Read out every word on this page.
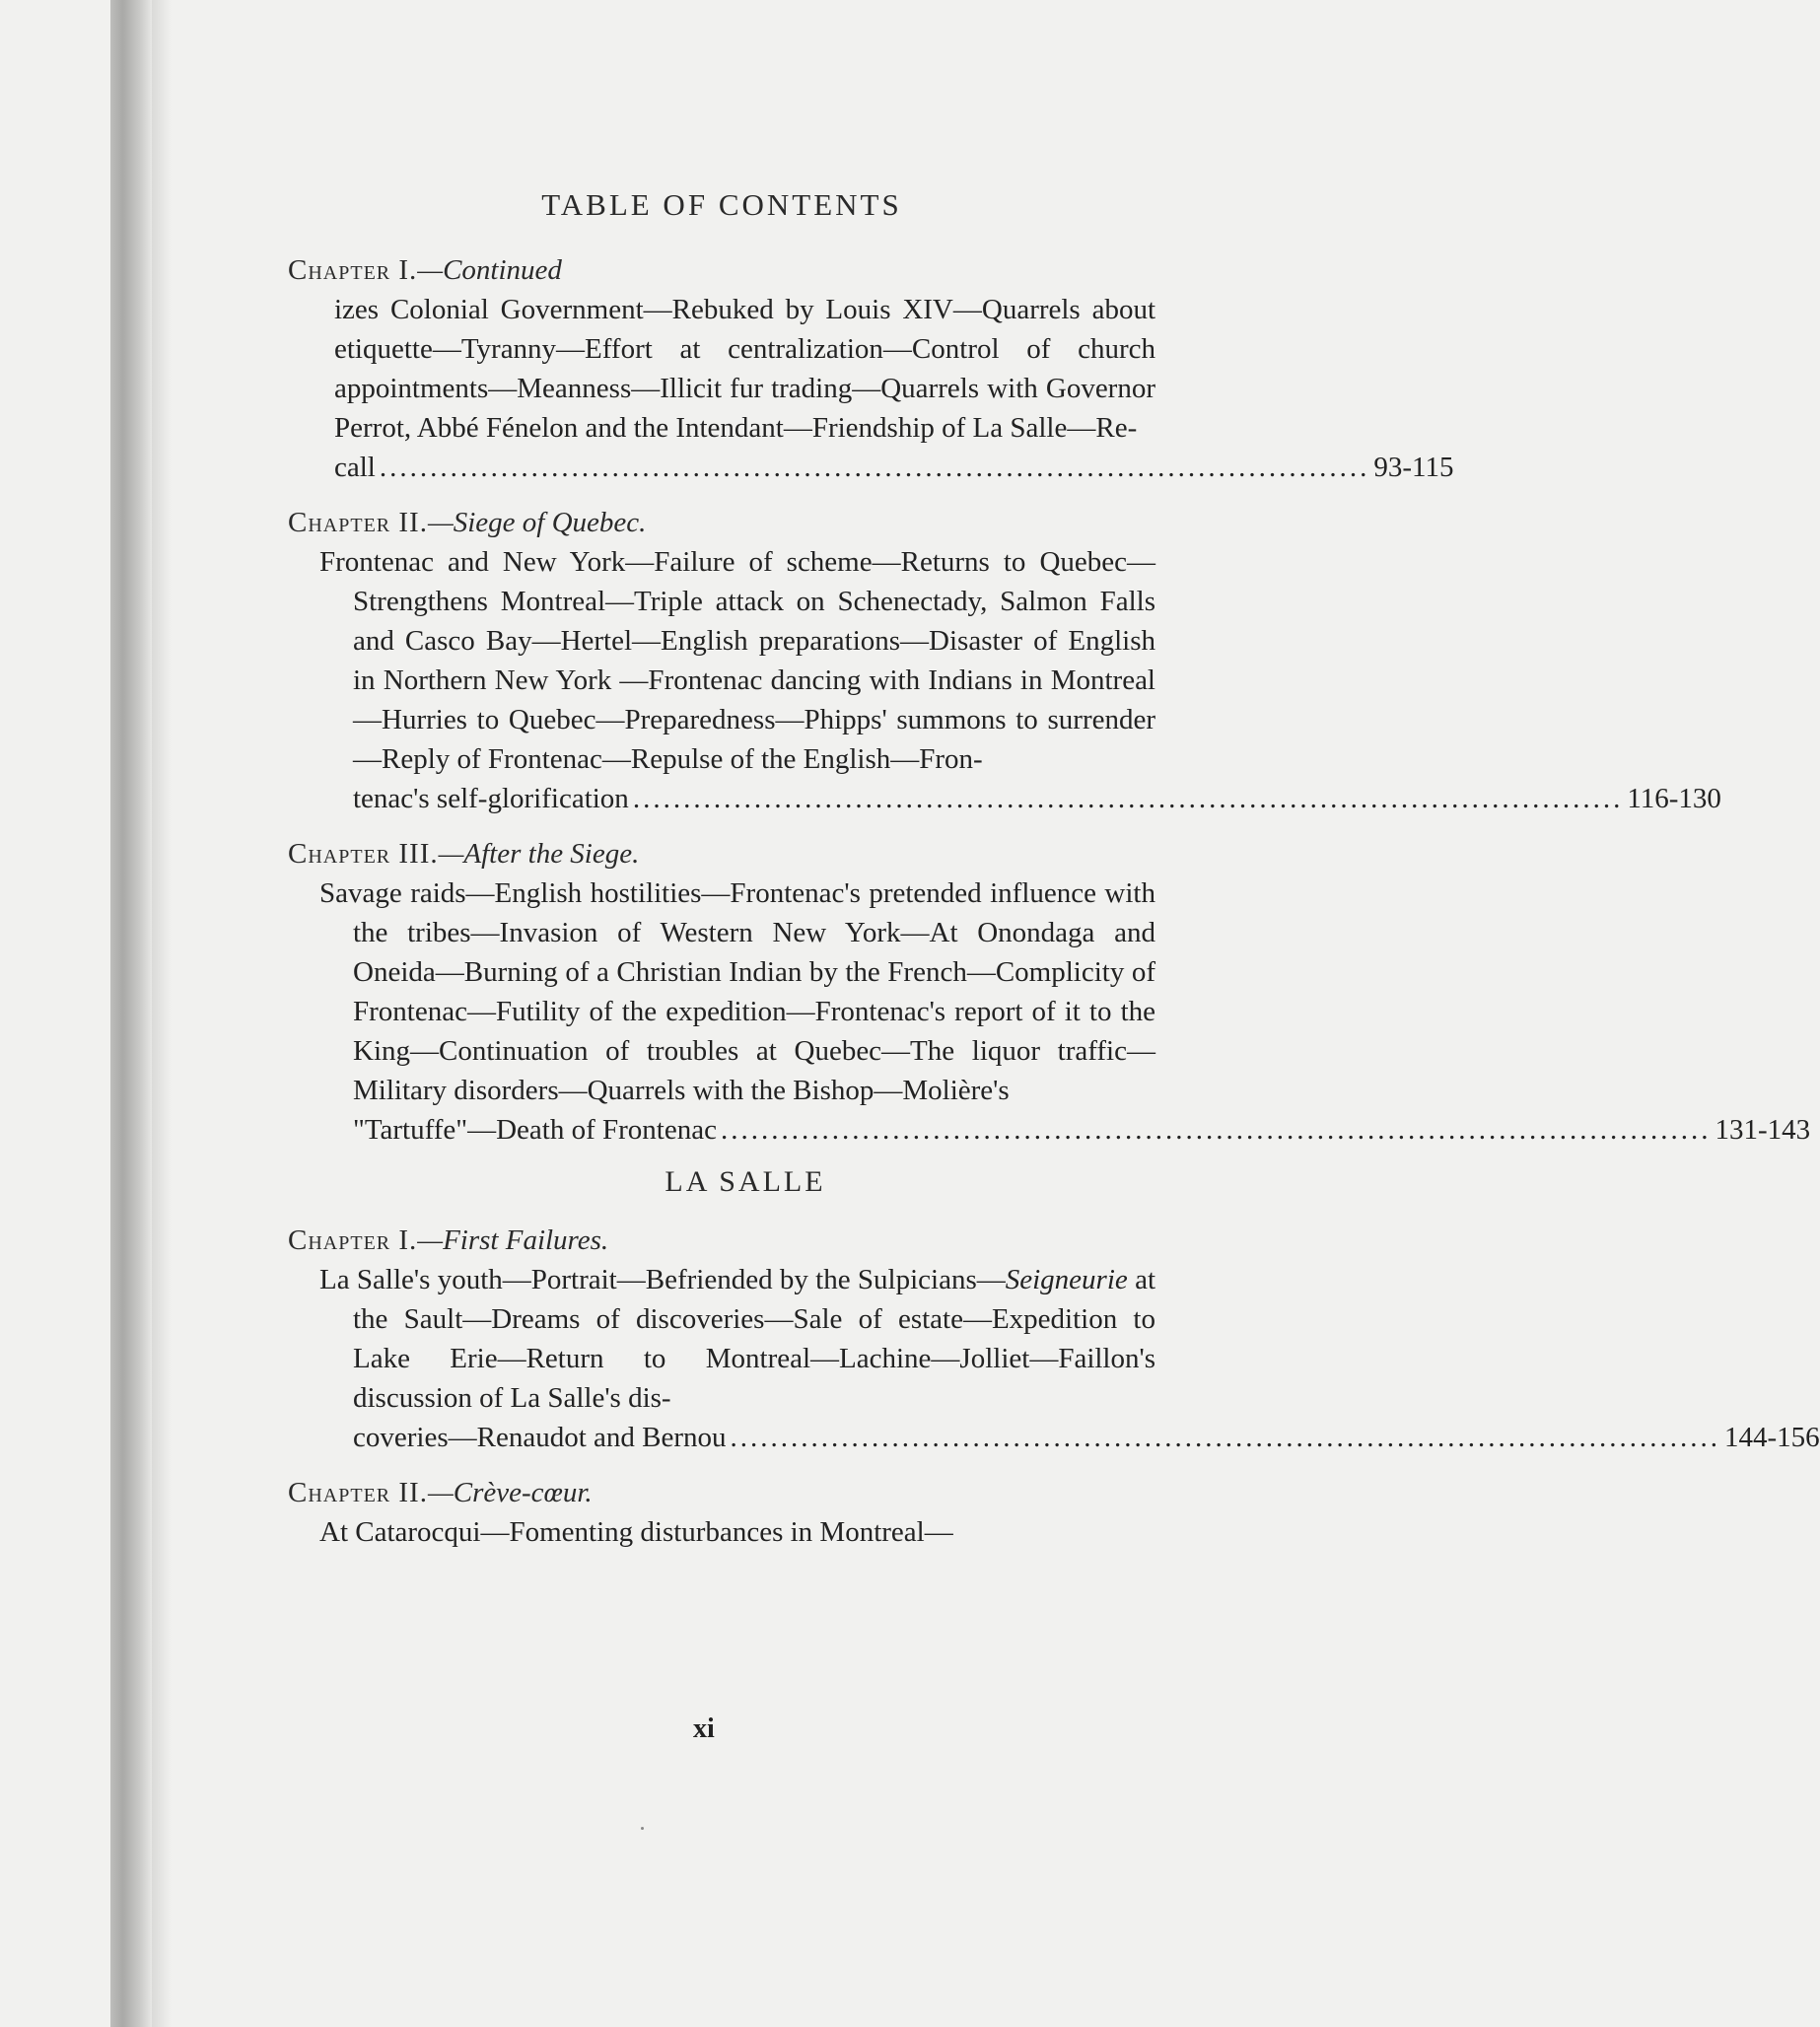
TABLE OF CONTENTS
Chapter I.—Continued
izes Colonial Government—Rebuked by Louis XIV—Quarrels about etiquette—Tyranny—Effort at centralization—Control of church appointments—Meanness—Illicit fur trading—Quarrels with Governor Perrot, Abbé Fénelon and the Intendant—Friendship of La Salle—Re-
call .................................................................................................. 93-115
Chapter II.—Siege of Quebec.
Frontenac and New York—Failure of scheme—Returns to Quebec—Strengthens Montreal—Triple attack on Schenectady, Salmon Falls and Casco Bay—Hertel—English preparations—Disaster of English in Northern New York —Frontenac dancing with Indians in Montreal—Hurries to Quebec—Preparedness—Phipps' summons to surrender —Reply of Frontenac—Repulse of the English—Fron-
tenac's self-glorification .................................................................................................. 116-130
Chapter III.—After the Siege.
Savage raids—English hostilities—Frontenac's pretended influence with the tribes—Invasion of Western New York—At Onondaga and Oneida—Burning of a Christian Indian by the French—Complicity of Frontenac—Futility of the expedition—Frontenac's report of it to the King—Continuation of troubles at Quebec—The liquor traffic—Military disorders—Quarrels with the Bishop—Molière's
"Tartuffe"—Death of Frontenac .................................................................................................. 131-143
LA SALLE
Chapter I.—First Failures.
La Salle's youth—Portrait—Befriended by the Sulpicians—Seigneurie at the Sault—Dreams of discoveries—Sale of estate—Expedition to Lake Erie—Return to Montreal—Lachine—Jolliet—Faillon's discussion of La Salle's dis-
coveries—Renaudot and Bernou .................................................................................................. 144-156
Chapter II.—Crève-cœur.
At Catarocqui—Fomenting disturbances in Montreal—
xi
